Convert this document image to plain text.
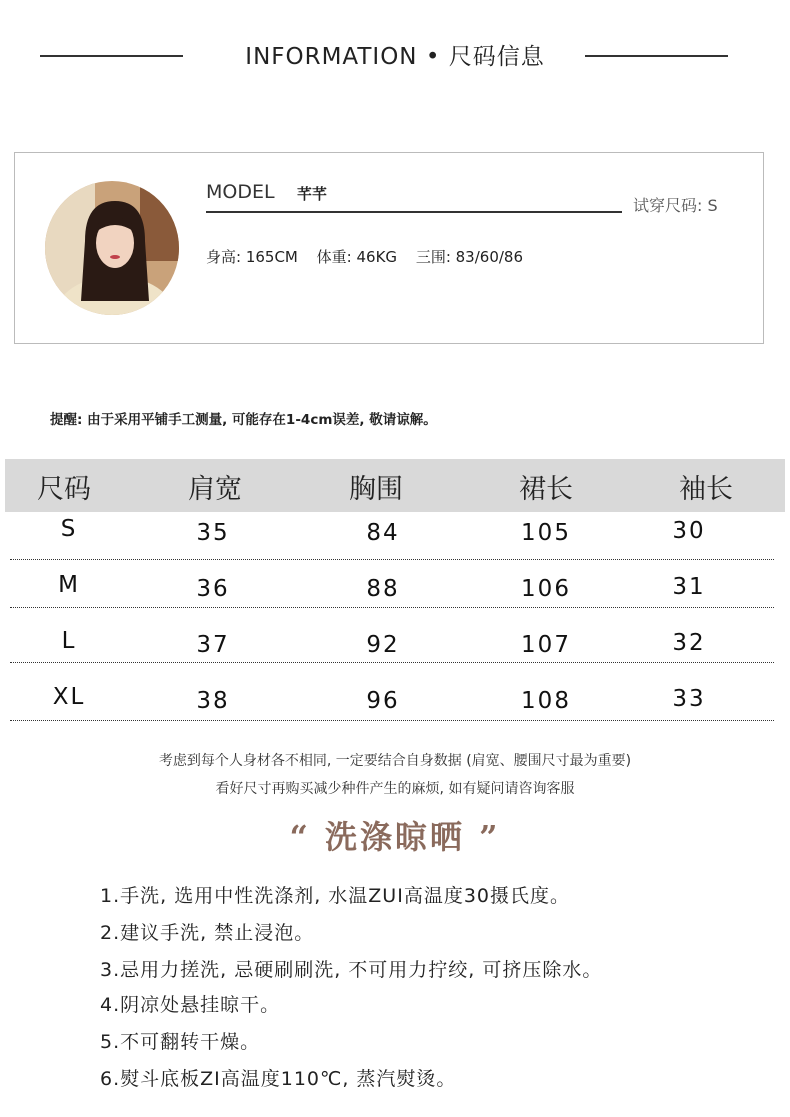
INFORMATION • 尺码信息
MODEL 芊芊
试穿尺码: S
身高: 165CM 体重: 46KG 三围: 83/60/86
提醒: 由于采用平铺手工测量, 可能存在1-4cm误差, 敬请谅解。
尺码	肩宽	胸围	裙长	袖长
S	35	84	105	30
M	36	88	106	31
L	37	92	107	32
XL	38	96	108	33
考虑到每个人身材各不相同, 一定要结合自身数据 (肩宽、腰围尺寸最为重要)
看好尺寸再购买减少种件产生的麻烦, 如有疑问请咨询客服
“ 洗涤晾晒 ”
1.手洗, 选用中性洗涤剂, 水温ZUI高温度30摄氏度。
2.建议手洗, 禁止浸泡。
3.忌用力搓洗, 忌硬刷刷洗, 不可用力拧绞, 可挤压除水。
4.阴凉处悬挂晾干。
5.不可翻转干燥。
6.熨斗底板ZI高温度110℃, 蒸汽熨烫。
